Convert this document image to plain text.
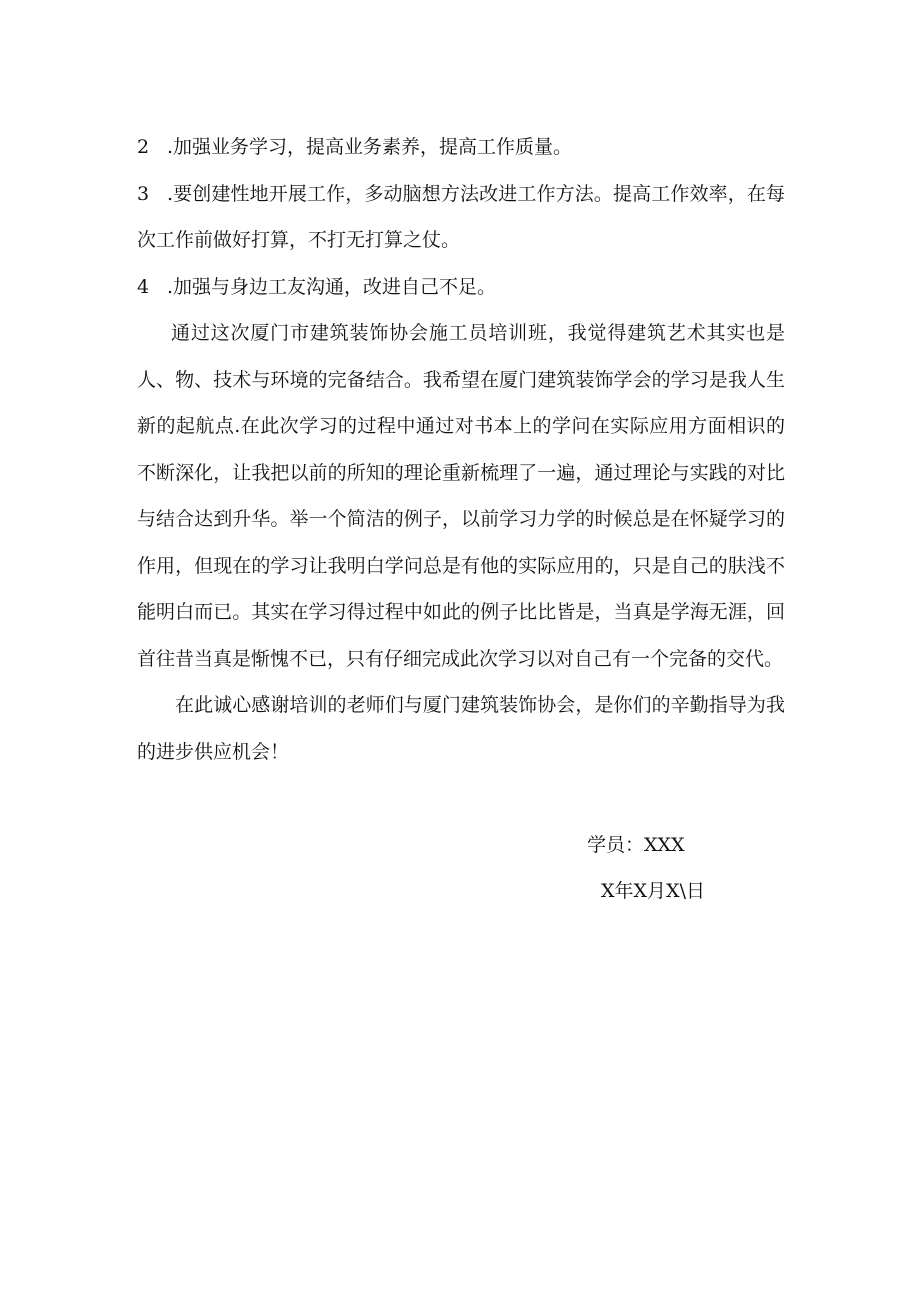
2 .加强业务学习，提高业务素养，提高工作质量。

3 .要创建性地开展工作，多动脑想方法改进工作方法。提高工作效率，在每次工作前做好打算，不打无打算之仗。

4 .加强与身边工友沟通，改进自己不足。

通过这次厦门市建筑装饰协会施工员培训班，我觉得建筑艺术其实也是人、物、技术与环境的完备结合。我希望在厦门建筑装饰学会的学习是我人生新的起航点.在此次学习的过程中通过对书本上的学问在实际应用方面相识的不断深化，让我把以前的所知的理论重新梳理了一遍，通过理论与实践的对比与结合达到升华。举一个简洁的例子，以前学习力学的时候总是在怀疑学习的作用，但现在的学习让我明白学问总是有他的实际应用的，只是自己的肤浅不能明白而已。其实在学习得过程中如此的例子比比皆是，当真是学海无涯，回首往昔当真是惭愧不已，只有仔细完成此次学习以对自己有一个完备的交代。

在此诚心感谢培训的老师们与厦门建筑装饰协会，是你们的辛勤指导为我的进步供应机会！

学员：XXX
X年X月X\日
